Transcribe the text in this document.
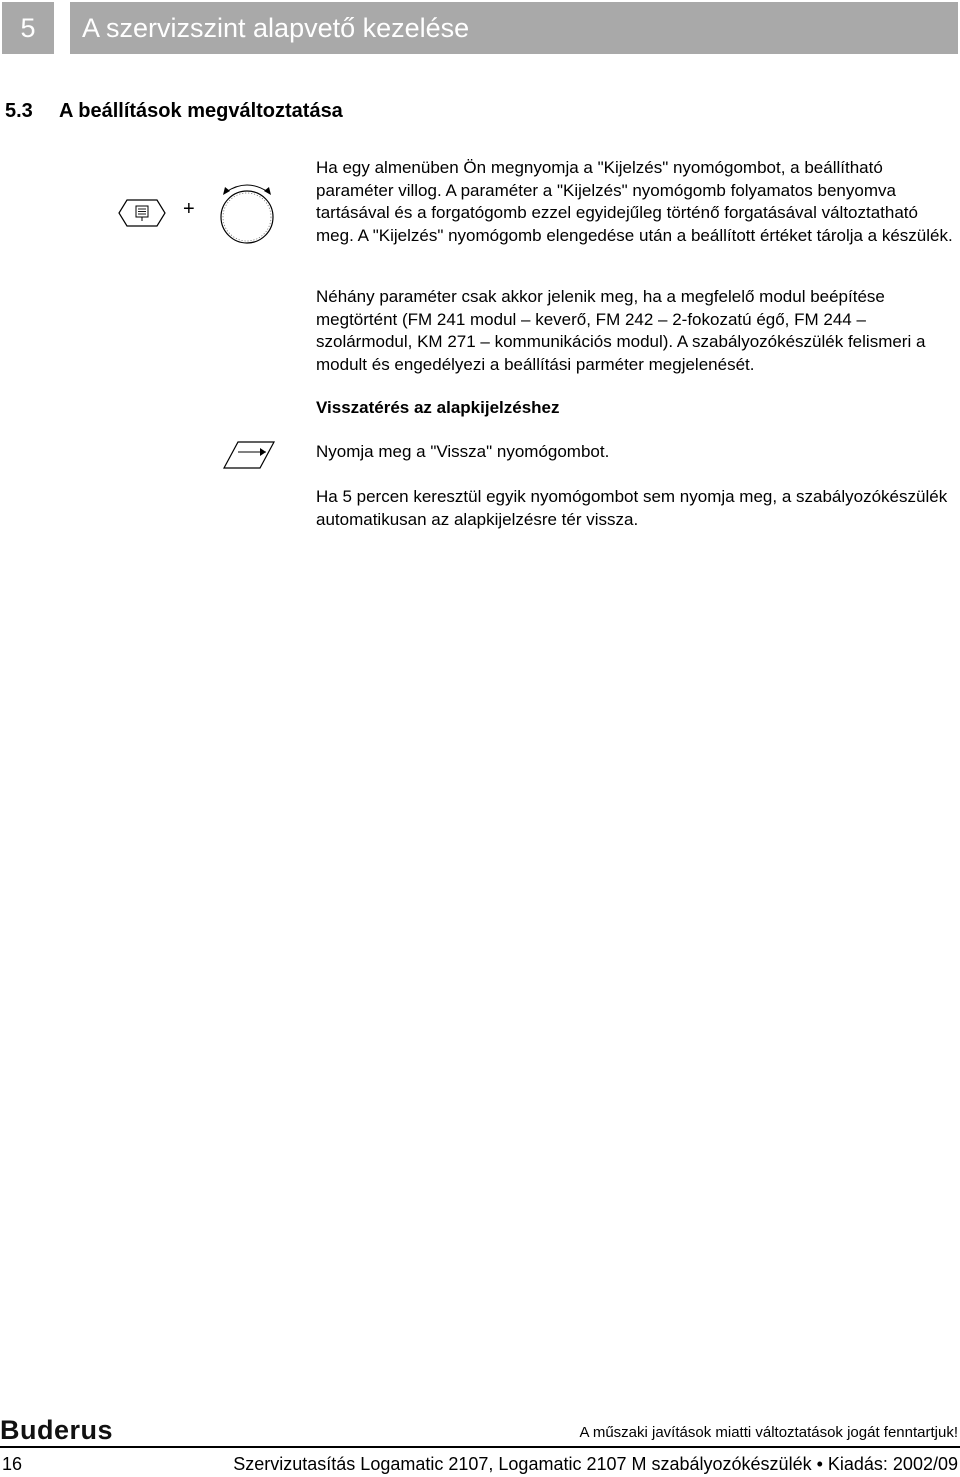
5	A szervizszint alapvető kezelése
5.3 A beállítások megváltoztatása
+

Ha egy almenüben Ön megnyomja a "Kijelzés" nyomógombot, a beállítható paraméter villog. A paraméter a "Kijelzés" nyomógomb folyamatos benyomva tartásával és a forgatógomb ezzel egyidejűleg történő forgatásával változtatható meg. A "Kijelzés" nyomógomb elengedése után a beállított értéket tárolja a készülék.

Néhány paraméter csak akkor jelenik meg, ha a megfelelő modul beépítése megtörtént (FM 241 modul – keverő, FM 242 – 2-fokozatú égő, FM 244 – szolármodul, KM 271 – kommunikációs modul). A szabályozókészülék felismeri a modult és engedélyezi a beállítási parméter megjelenését.

Visszatérés az alapkijelzéshez

Nyomja meg a "Vissza" nyomógombot.

Ha 5 percen keresztül egyik nyomógombot sem nyomja meg, a szabályozókészülék automatikusan az alapkijelzésre tér vissza.

Buderus	A műszaki javítások miatti változtatások jogát fenntartjuk!
16	Szervizutasítás Logamatic 2107, Logamatic 2107 M szabályozókészülék • Kiadás: 2002/09
